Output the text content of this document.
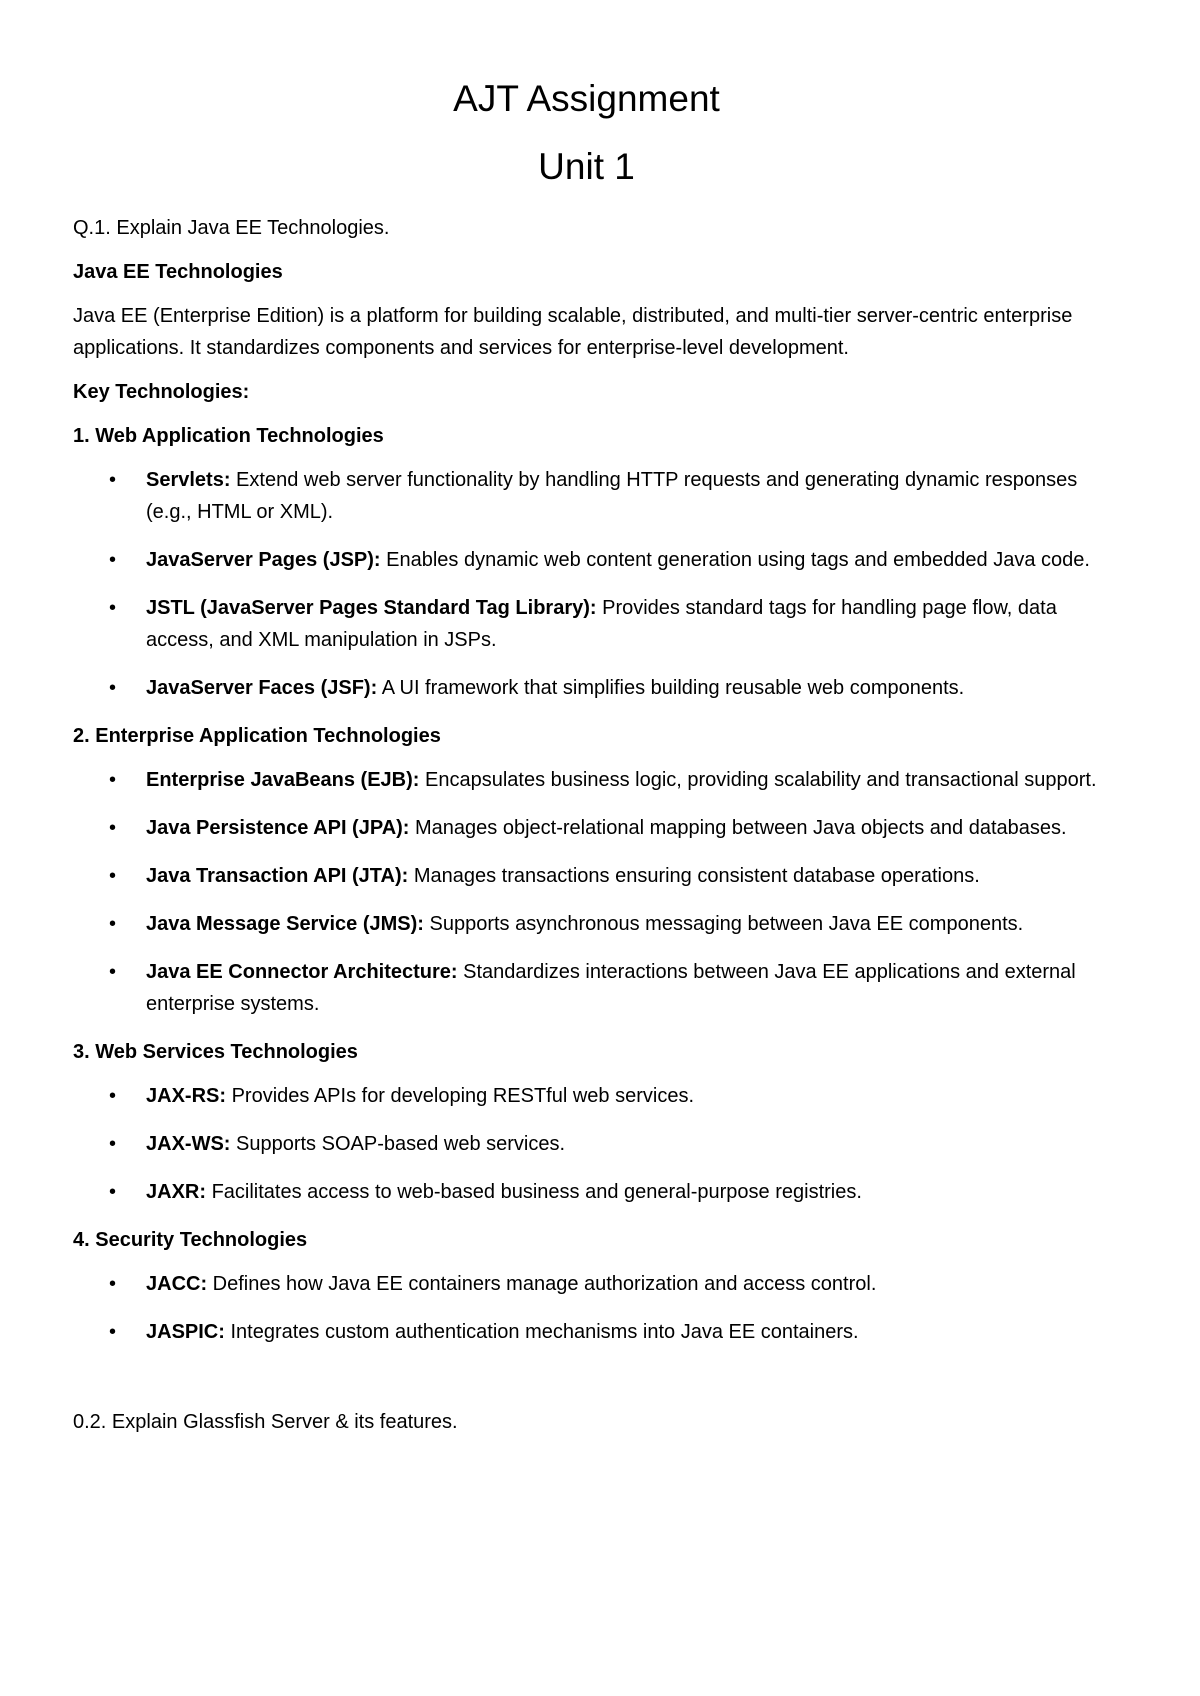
AJT Assignment
Unit 1

Q.1. Explain Java EE Technologies.

Java EE Technologies

Java EE (Enterprise Edition) is a platform for building scalable, distributed, and multi-tier server-centric enterprise applications. It standardizes components and services for enterprise-level development.

Key Technologies:

1. Web Application Technologies

• Servlets: Extend web server functionality by handling HTTP requests and generating dynamic responses (e.g., HTML or XML).
• JavaServer Pages (JSP): Enables dynamic web content generation using tags and embedded Java code.
• JSTL (JavaServer Pages Standard Tag Library): Provides standard tags for handling page flow, data access, and XML manipulation in JSPs.
• JavaServer Faces (JSF): A UI framework that simplifies building reusable web components.

2. Enterprise Application Technologies

• Enterprise JavaBeans (EJB): Encapsulates business logic, providing scalability and transactional support.
• Java Persistence API (JPA): Manages object-relational mapping between Java objects and databases.
• Java Transaction API (JTA): Manages transactions ensuring consistent database operations.
• Java Message Service (JMS): Supports asynchronous messaging between Java EE components.
• Java EE Connector Architecture: Standardizes interactions between Java EE applications and external enterprise systems.

3. Web Services Technologies

• JAX-RS: Provides APIs for developing RESTful web services.
• JAX-WS: Supports SOAP-based web services.
• JAXR: Facilitates access to web-based business and general-purpose registries.

4. Security Technologies

• JACC: Defines how Java EE containers manage authorization and access control.
• JASPIC: Integrates custom authentication mechanisms into Java EE containers.

0.2. Explain Glassfish Server & its features.
